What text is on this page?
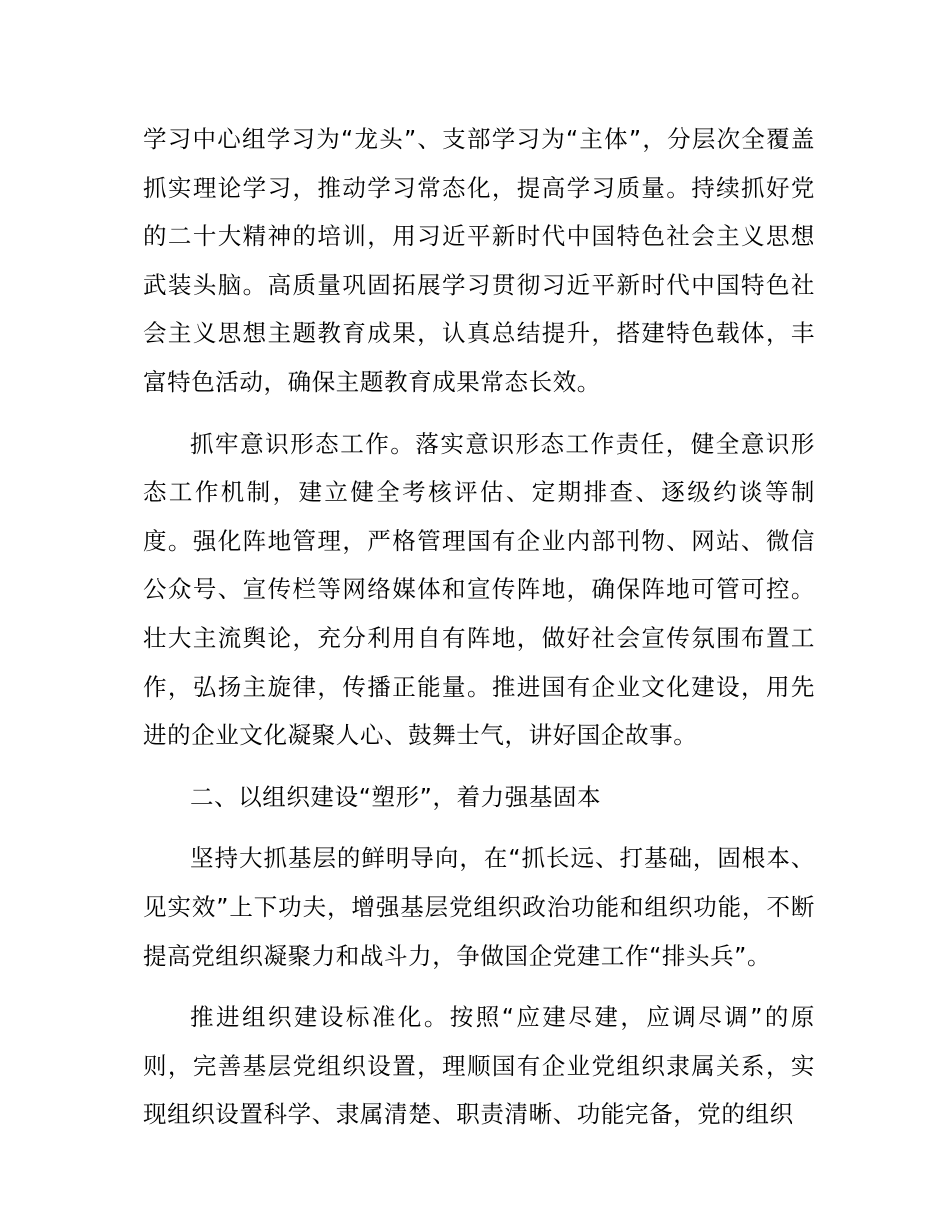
学习中心组学习为“龙头”、支部学习为“主体”，分层次全覆盖抓实理论学习，推动学习常态化，提高学习质量。持续抓好党的二十大精神的培训，用习近平新时代中国特色社会主义思想武装头脑。高质量巩固拓展学习贯彻习近平新时代中国特色社会主义思想主题教育成果，认真总结提升，搭建特色载体，丰富特色活动，确保主题教育成果常态长效。

抓牢意识形态工作。落实意识形态工作责任，健全意识形态工作机制，建立健全考核评估、定期排查、逐级约谈等制度。强化阵地管理，严格管理国有企业内部刊物、网站、微信公众号、宣传栏等网络媒体和宣传阵地，确保阵地可管可控。壮大主流舆论，充分利用自有阵地，做好社会宣传氛围布置工作，弘扬主旋律，传播正能量。推进国有企业文化建设，用先进的企业文化凝聚人心、鼓舞士气，讲好国企故事。

二、以组织建设“塑形”，着力强基固本

坚持大抓基层的鲜明导向，在“抓长远、打基础，固根本、见实效”上下功夫，增强基层党组织政治功能和组织功能，不断提高党组织凝聚力和战斗力，争做国企党建工作“排头兵”。

推进组织建设标准化。按照“应建尽建，应调尽调”的原则，完善基层党组织设置，理顺国有企业党组织隶属关系，实现组织设置科学、隶属清楚、职责清晰、功能完备，党的组织
